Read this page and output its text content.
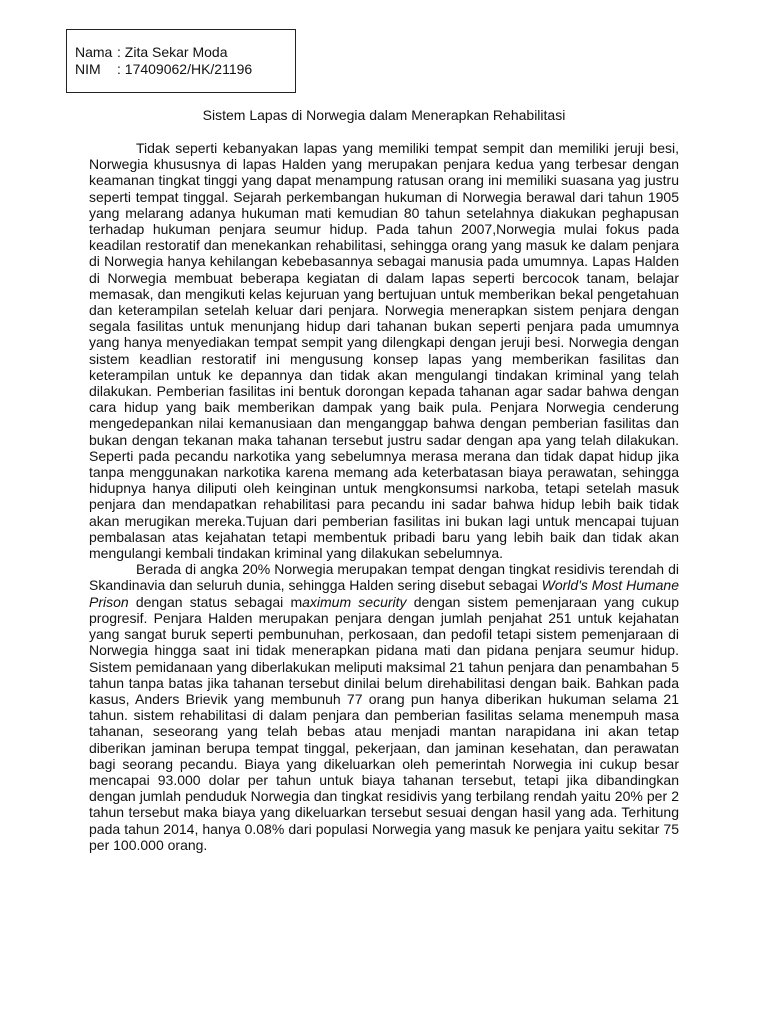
Nama : Zita Sekar Moda
NIM	: 17409062/HK/21196
Sistem Lapas di Norwegia dalam Menerapkan Rehabilitasi

Tidak seperti kebanyakan lapas yang memiliki tempat sempit dan memiliki jeruji besi, Norwegia khususnya di lapas Halden yang merupakan penjara kedua yang terbesar dengan keamanan tingkat tinggi yang dapat menampung ratusan orang ini memiliki suasana yag justru seperti tempat tinggal. Sejarah perkembangan hukuman di Norwegia berawal dari tahun 1905 yang melarang adanya hukuman mati kemudian 80 tahun setelahnya diakukan peghapusan terhadap hukuman penjara seumur hidup. Pada tahun 2007,Norwegia mulai fokus pada keadilan restoratif dan menekankan rehabilitasi, sehingga orang yang masuk ke dalam penjara di Norwegia hanya kehilangan kebebasannya sebagai manusia pada umumnya. Lapas Halden di Norwegia membuat beberapa kegiatan di dalam lapas seperti bercocok tanam, belajar memasak, dan mengikuti kelas kejuruan yang bertujuan untuk memberikan bekal pengetahuan dan keterampilan setelah keluar dari penjara. Norwegia menerapkan sistem penjara dengan segala fasilitas untuk menunjang hidup dari tahanan bukan seperti penjara pada umumnya yang hanya menyediakan tempat sempit yang dilengkapi dengan jeruji besi. Norwegia dengan sistem keadlian restoratif ini mengusung konsep lapas yang memberikan fasilitas dan keterampilan untuk ke depannya dan tidak akan mengulangi tindakan kriminal yang telah dilakukan. Pemberian fasilitas ini bentuk dorongan kepada tahanan agar sadar bahwa dengan cara hidup yang baik memberikan dampak yang baik pula. Penjara Norwegia cenderung mengedepankan nilai kemanusiaan dan menganggap bahwa dengan pemberian fasilitas dan bukan dengan tekanan maka tahanan tersebut justru sadar dengan apa yang telah dilakukan. Seperti pada pecandu narkotika yang sebelumnya merasa merana dan tidak dapat hidup jika tanpa menggunakan narkotika karena memang ada keterbatasan biaya perawatan, sehingga hidupnya hanya diliputi oleh keinginan untuk mengkonsumsi narkoba, tetapi setelah masuk penjara dan mendapatkan rehabilitasi para pecandu ini sadar bahwa hidup lebih baik tidak akan merugikan mereka.Tujuan dari pemberian fasilitas ini bukan lagi untuk mencapai tujuan pembalasan atas kejahatan tetapi membentuk pribadi baru yang lebih baik dan tidak akan mengulangi kembali tindakan kriminal yang dilakukan sebelumnya.

Berada di angka 20% Norwegia merupakan tempat dengan tingkat residivis terendah di Skandinavia dan seluruh dunia, sehingga Halden sering disebut sebagai World's Most Humane Prison dengan status sebagai maximum security dengan sistem pemenjaraan yang cukup progresif. Penjara Halden merupakan penjara dengan jumlah penjahat 251 untuk kejahatan yang sangat buruk seperti pembunuhan, perkosaan, dan pedofil tetapi sistem pemenjaraan di Norwegia hingga saat ini tidak menerapkan pidana mati dan pidana penjara seumur hidup. Sistem pemidanaan yang diberlakukan meliputi maksimal 21 tahun penjara dan penambahan 5 tahun tanpa batas jika tahanan tersebut dinilai belum direhabilitasi dengan baik. Bahkan pada kasus, Anders Brievik yang membunuh 77 orang pun hanya diberikan hukuman selama 21 tahun. sistem rehabilitasi di dalam penjara dan pemberian fasilitas selama menempuh masa tahanan, seseorang yang telah bebas atau menjadi mantan narapidana ini akan tetap diberikan jaminan berupa tempat tinggal, pekerjaan, dan jaminan kesehatan, dan perawatan bagi seorang pecandu. Biaya yang dikeluarkan oleh pemerintah Norwegia ini cukup besar mencapai 93.000 dolar per tahun untuk biaya tahanan tersebut, tetapi jika dibandingkan dengan jumlah penduduk Norwegia dan tingkat residivis yang terbilang rendah yaitu 20% per 2 tahun tersebut maka biaya yang dikeluarkan tersebut sesuai dengan hasil yang ada. Terhitung pada tahun 2014, hanya 0.08% dari populasi Norwegia yang masuk ke penjara yaitu sekitar 75 per 100.000 orang.
